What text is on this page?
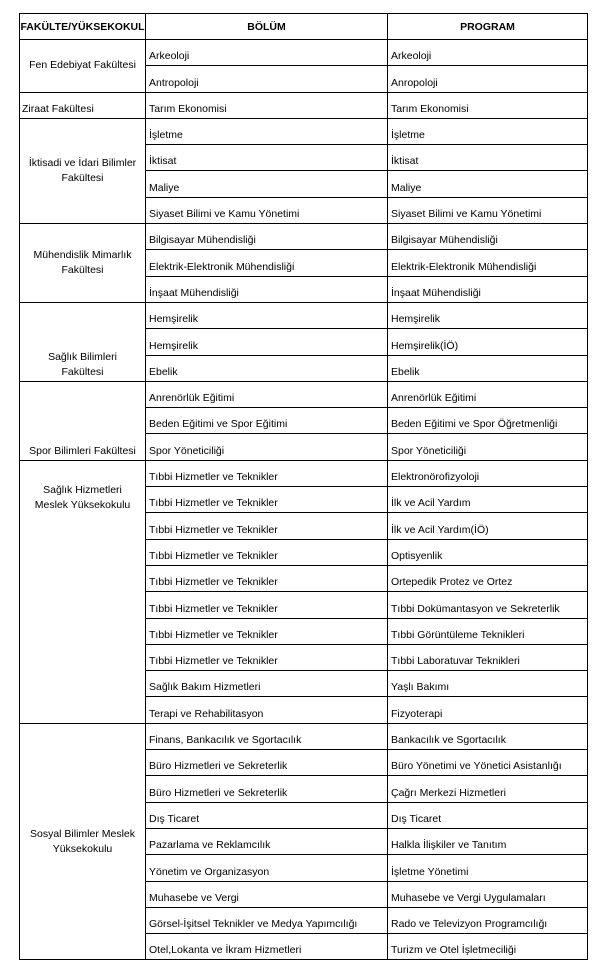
FAKÜLTE/YÜKSEKOKUL	BÖLÜM	PROGRAM
Fen Edebiyat Fakültesi	Arkeoloji	Arkeoloji
	Antropoloji	Anropoloji
Ziraat Fakültesi	Tarım Ekonomisi	Tarım Ekonomisi
İktisadi ve İdari Bilimler Fakültesi	İşletme	İşletme
	İktisat	İktisat
	Maliye	Maliye
	Siyaset Bilimi ve Kamu Yönetimi	Siyaset Bilimi ve Kamu Yönetimi
Mühendislik Mimarlık Fakültesi	Bilgisayar Mühendisliği	Bilgisayar Mühendisliği
	Elektrik-Elektronik Mühendisliği	Elektrik-Elektronik Mühendisliği
	İnşaat Mühendisliği	İnşaat Mühendisliği
Sağlık Bilimleri Fakültesi	Hemşirelik	Hemşirelik
	Hemşirelik	Hemşirelik(İÖ)
	Ebelik	Ebelik
Spor Bilimleri Fakültesi	Anrenörlük Eğitimi	Anrenörlük Eğitimi
	Beden Eğitimi ve Spor Eğitimi	Beden Eğitimi ve Spor Öğretmenliği
	Spor Yöneticiliği	Spor Yöneticiliği
Sağlık Hizmetleri Meslek Yüksekokulu	Tıbbi Hizmetler ve Teknikler	Elektronörofizyoloji
	Tıbbi Hizmetler ve Teknikler	İlk ve Acil Yardım
	Tıbbi Hizmetler ve Teknikler	İlk ve Acil Yardım(İÖ)
	Tıbbi Hizmetler ve Teknikler	Optisyenlik
	Tıbbi Hizmetler ve Teknikler	Ortepedik Protez ve Ortez
	Tıbbi Hizmetler ve Teknikler	Tıbbi Dokümantasyon ve Sekreterlik
	Tıbbi Hizmetler ve Teknikler	Tıbbi Görüntüleme Teknikleri
	Tıbbi Hizmetler ve Teknikler	Tıbbi Laboratuvar Teknikleri
	Sağlık Bakım Hizmetleri	Yaşlı Bakımı
	Terapi ve Rehabilitasyon	Fizyoterapi
Sosyal Bilimler Meslek Yüksekokulu	Finans, Bankacılık ve Sgortacılık	Bankacılık ve Sgortacılık
	Büro Hizmetleri ve Sekreterlik	Büro Yönetimi ve Yönetici Asistanlığı
	Büro Hizmetleri ve Sekreterlik	Çağrı Merkezi Hizmetleri
	Dış Ticaret	Dış Ticaret
	Pazarlama ve Reklamcılık	Halkla İlişkiler ve Tanıtım
	Yönetim ve Organizasyon	İşletme Yönetimi
	Muhasebe ve Vergi	Muhasebe ve Vergi Uygulamaları
	Görsel-İşitsel Teknikler ve Medya Yapımcılığı	Rado ve Televizyon Programcılığı
	Otel,Lokanta ve İkram Hizmetleri	Turizm ve Otel İşletmeciliği
